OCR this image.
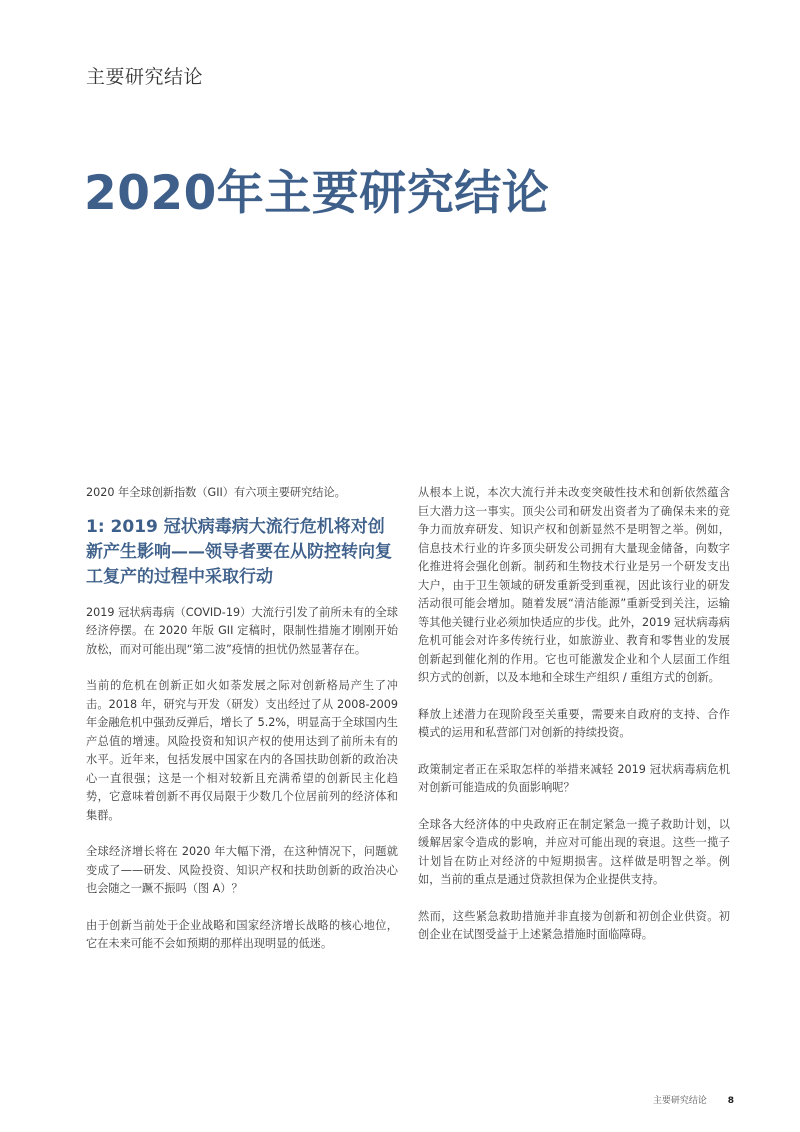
主要研究结论
2020年主要研究结论

2020 年全球创新指数（GII）有六项主要研究结论。

1: 2019 冠状病毒病大流行危机将对创新产生影响——领导者要在从防控转向复工复产的过程中采取行动

2019 冠状病毒病（COVID-19）大流行引发了前所未有的全球经济停摆。在 2020 年版 GII 定稿时，限制性措施才刚刚开始放松，而对可能出现“第二波”疫情的担忧仍然显著存在。

当前的危机在创新正如火如荼发展之际对创新格局产生了冲击。2018 年，研究与开发（研发）支出经过了从 2008-2009 年金融危机中强劲反弹后，增长了 5.2%，明显高于全球国内生产总值的增速。风险投资和知识产权的使用达到了前所未有的水平。近年来，包括发展中国家在内的各国扶助创新的政治决心一直很强；这是一个相对较新且充满希望的创新民主化趋势，它意味着创新不再仅局限于少数几个位居前列的经济体和集群。

全球经济增长将在 2020 年大幅下滑，在这种情况下，问题就变成了——研发、风险投资、知识产权和扶助创新的政治决心也会随之一蹶不振吗（图 A）？

由于创新当前处于企业战略和国家经济增长战略的核心地位，它在未来可能不会如预期的那样出现明显的低迷。

从根本上说，本次大流行并未改变突破性技术和创新依然蕴含巨大潜力这一事实。顶尖公司和研发出资者为了确保未来的竞争力而放弃研发、知识产权和创新显然不是明智之举。例如，信息技术行业的许多顶尖研发公司拥有大量现金储备，向数字化推进将会强化创新。制药和生物技术行业是另一个研发支出大户，由于卫生领域的研发重新受到重视，因此该行业的研发活动很可能会增加。随着发展“清洁能源”重新受到关注，运输等其他关键行业必须加快适应的步伐。此外，2019 冠状病毒病危机可能会对许多传统行业，如旅游业、教育和零售业的发展创新起到催化剂的作用。它也可能激发企业和个人层面工作组织方式的创新，以及本地和全球生产组织 / 重组方式的创新。

释放上述潜力在现阶段至关重要，需要来自政府的支持、合作模式的运用和私营部门对创新的持续投资。

政策制定者正在采取怎样的举措来减轻 2019 冠状病毒病危机对创新可能造成的负面影响呢？

全球各大经济体的中央政府正在制定紧急一揽子救助计划，以缓解居家令造成的影响，并应对可能出现的衰退。这些一揽子计划旨在防止对经济的中短期损害。这样做是明智之举。例如，当前的重点是通过贷款担保为企业提供支持。

然而，这些紧急救助措施并非直接为创新和初创企业供资。初创企业在试图受益于上述紧急措施时面临障碍。

主要研究结论 8
